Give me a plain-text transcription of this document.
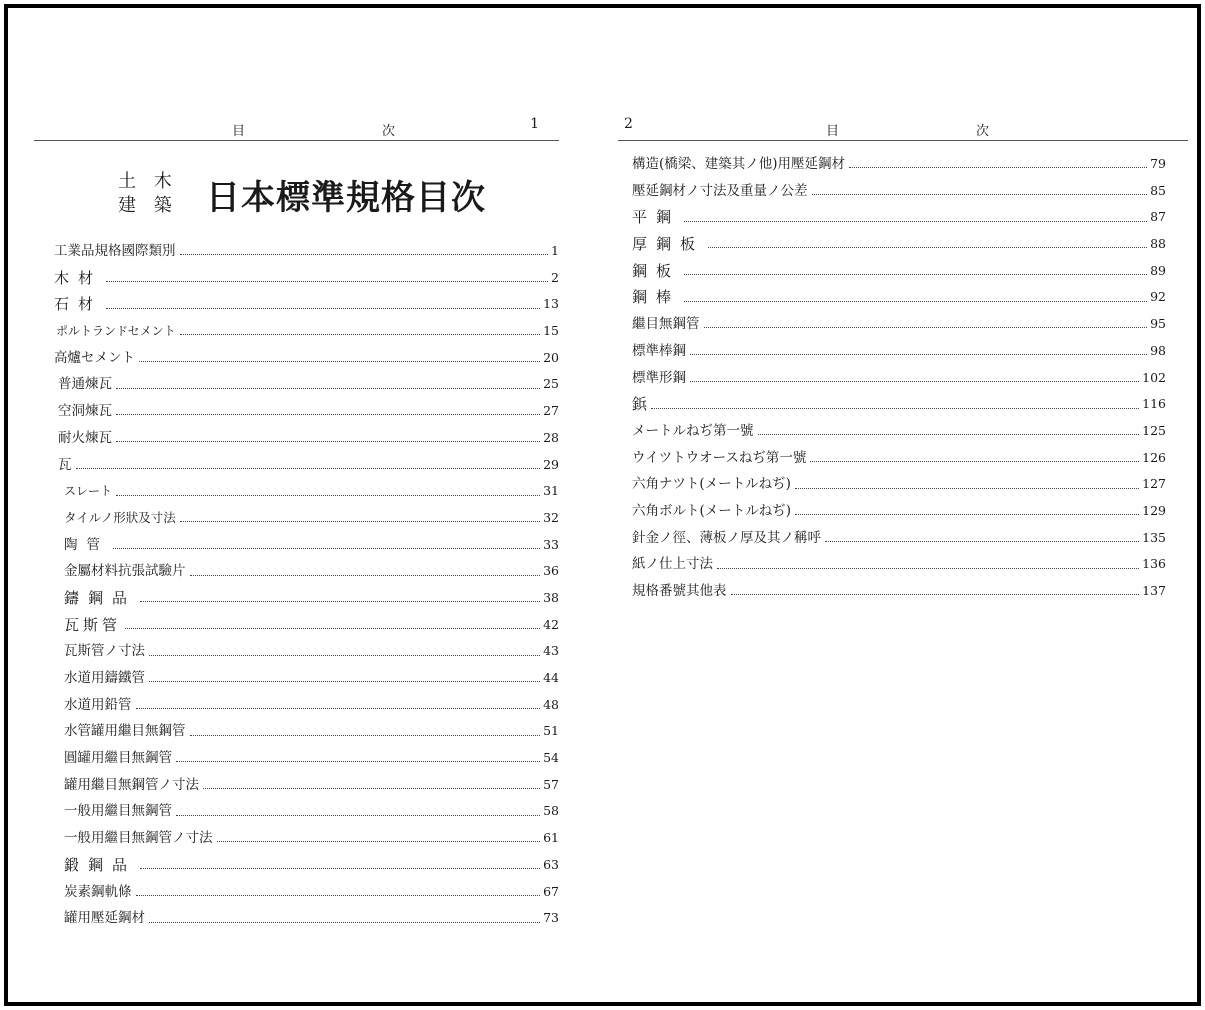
目　　　　　　　　　次	1
土 木
建 築 日本標準規格目次
工業品規格國際類別	1
木材	2
石材	13
ポルトランドセメント	15
高爐セメント	20
普通煉瓦	25
空洞煉瓦	27
耐火煉瓦	28
瓦	29
スレート	31
タイルノ形狀及寸法	32
陶管	33
金屬材料抗張試驗片	36
鑄鋼品	38
瓦斯管	42
瓦斯管ノ寸法	43
水道用鑄鐵管	44
水道用鉛管	48
水管罐用繼目無鋼管	51
圓罐用繼目無鋼管	54
罐用繼目無鋼管ノ寸法	57
一般用繼目無鋼管	58
一般用繼目無鋼管ノ寸法	61
鍛鋼品	63
炭素鋼軌條	67
罐用壓延鋼材	73
2	目　　　　　　　　　次
構造(橋梁、建築其ノ他)用壓延鋼材	79
壓延鋼材ノ寸法及重量ノ公差	85
平鋼	87
厚鋼板	88
鋼板	89
鋼棒	92
繼目無鋼管	95
標準棒鋼	98
標準形鋼	102
鋲	116
メートルねぢ第一號	125
ウイツトウオースねぢ第一號	126
六角ナツト(メートルねぢ)	127
六角ボルト(メートルねぢ)	129
針金ノ徑、薄板ノ厚及其ノ稱呼	135
紙ノ仕上寸法	136
規格番號其他表	137
